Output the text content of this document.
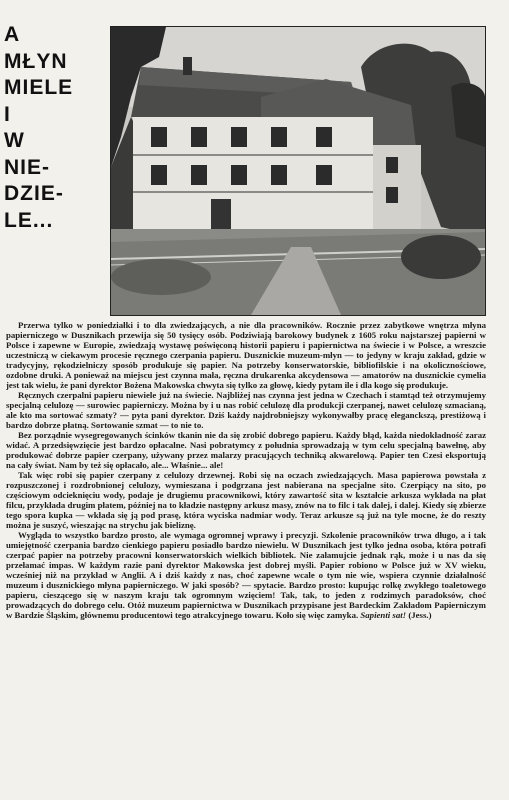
A
MŁYN
MIELE
I
W
NIE-
DZIE-
LE...

Przerwa tylko w poniedziałki i to dla zwiedzających, a nie dla pracowników. Rocznie przez zabytkowe wnętrza młyna papierniczego w Dusznikach przewija się 50 tysięcy osób. Podziwiają barokowy budynek z 1605 roku najstarszej papierni w Polsce i zapewne w Europie, zwiedzają wystawę poświęconą historii papieru i papiernictwa na świecie i w Polsce, a wreszcie uczestniczą w ciekawym procesie ręcznego czerpania papieru. Dusznickie muzeum-młyn — to jedyny w kraju zakład, gdzie w tradycyjny, rękodzielniczy sposób produkuje się papier. Na potrzeby konserwatorskie, bibliofilskie i na okolicznościowe, ozdobne druki. A ponieważ na miejscu jest czynna mała, ręczna drukarenka akcydensowa — amatorów na dusznickie cymelia jest tak wielu, że pani dyrektor Bożena Makowska chwyta się tylko za głowę, kiedy pytam ile i dla kogo się produkuje.

Ręcznych czerpalni papieru niewiele już na świecie. Najbliżej nas czynna jest jedna w Czechach i stamtąd też otrzymujemy specjalną celulozę — surowiec papierniczy. Można by i u nas robić celulozę dla produkcji czerpanej, nawet celulozę szmacianą, ale kto ma sortować szmaty? — pyta pani dyrektor. Dziś każdy najdrobniejszy wykonywałby pracę eleganckszą, prestiżową i bardzo dobrze płatną. Sortowanie szmat — to nie to.

Bez porządnie wysegregowanych ścinków tkanin nie da się zrobić dobrego papieru. Każdy błąd, każda niedokładność zaraz widać. A przedsięwzięcie jest bardzo opłacalne. Nasi pobratymcy z południa sprowadzają w tym celu specjalną bawełnę, aby produkować dobrze papier czerpany, używany przez malarzy pracujących techniką akwarelową. Papier ten Czesi eksportują na cały świat. Nam by też się opłacało, ale... Właśnie... ale!

Tak więc robi się papier czerpany z celulozy drzewnej. Robi się na oczach zwiedzających. Masa papierowa powstała z rozpuszczonej i rozdrobnionej celulozy, wymieszana i podgrzana jest nabierana na specjalne sito. Czerpiący na sito, po częściowym odcieknięciu wody, podaje je drugiemu pracownikowi, który zawartość sita w kształcie arkusza wykłada na płat filcu, przykłada drugim płatem, później na to kładzie następny arkusz masy, znów na to filc i tak dalej, i dalej. Kiedy się zbierze tego spora kupka — wkłada się ją pod prasę, która wyciska nadmiar wody. Teraz arkusze są już na tyle mocne, że do reszty można je suszyć, wieszając na strychu jak bieliznę.

Wygląda to wszystko bardzo prosto, ale wymaga ogromnej wprawy i precyzji. Szkolenie pracowników trwa długo, a i tak umiejętność czerpania bardzo cienkiego papieru posiadło bardzo niewielu. W Dusznikach jest tylko jedna osoba, która potrafi czerpać papier na potrzeby pracowni konserwatorskich wielkich bibliotek. Nie załamujcie jednak rąk, może i u nas da się przełamać impas. W każdym razie pani dyrektor Makowska jest dobrej myśli. Papier robiono w Polsce już w XV wieku, wcześniej niż na przykład w Anglii. A i dziś każdy z nas, choć zapewne wcale o tym nie wie, wspiera czynnie działalność muzeum i dusznickiego młyna papierniczego. W jaki sposób? — spytacie. Bardzo prosto: kupując rolkę zwykłego toaletowego papieru, cieszącego się w naszym kraju tak ogromnym wzięciem! Tak, tak, to jeden z rodzimych paradoksów, choć prowadzących do dobrego celu. Otóż muzeum papiernictwa w Dusznikach przypisane jest Bardeckim Zakładom Papierniczym w Bardzie Śląskim, głównemu producentowi tego atrakcyjnego towaru. Koło się więc zamyka. Sapienti sat! (Jess.)
